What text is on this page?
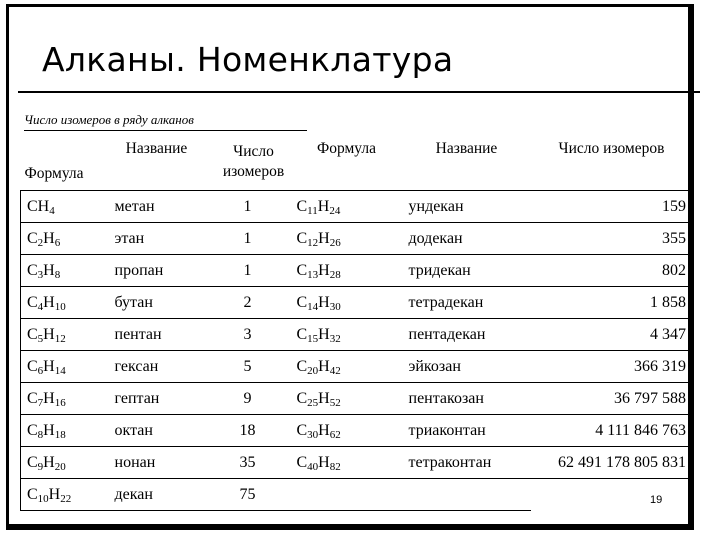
Алканы. Номенклатура
Число изомеров в ряду алканов
Формула	Название	Число изомеров	Формула	Название	Число изомеров
$CH_4$	метан	1	$C_{11}H_{24}$	ундекан	159
$C_2H_6$	этан	1	$C_{12}H_{26}$	додекан	355
$C_3H_8$	пропан	1	$C_{13}H_{28}$	тридекан	802
$C_4H_{10}$	бутан	2	$C_{14}H_{30}$	тетрадекан	1 858
$C_5H_{12}$	пентан	3	$C_{15}H_{32}$	пентадекан	4 347
$C_6H_{14}$	гексан	5	$C_{20}H_{42}$	эйкозан	366 319
$C_7H_{16}$	гептан	9	$C_{25}H_{52}$	пентакозан	36 797 588
$C_8H_{18}$	октан	18	$C_{30}H_{62}$	триаконтан	4 111 846 763
$C_9H_{20}$	нонан	35	$C_{40}H_{82}$	тетраконтан	62 491 178 805 831
$C_{10}H_{22}$	декан	75				19
